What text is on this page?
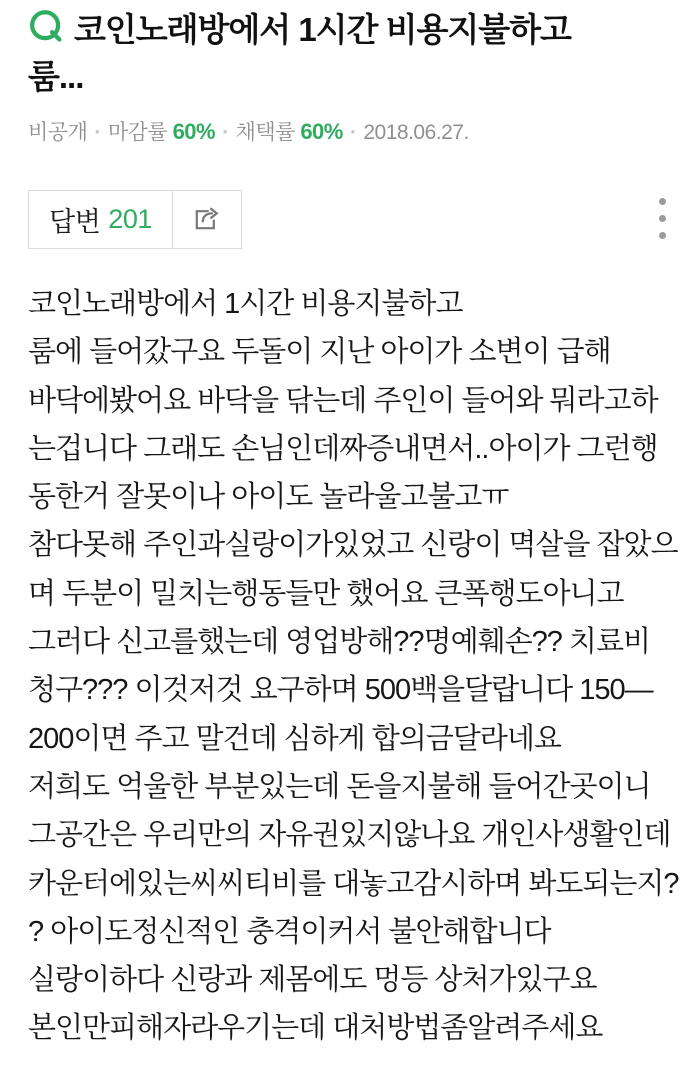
코인노래방에서 1시간 비용지불하고
룸...
비공개 · 마감률 60% · 채택률 60% · 2018.06.27.
답변 201
코인노래방에서 1시간 비용지불하고
룸에 들어갔구요 두돌이 지난 아이가 소변이 급해
바닥에봤어요 바닥을 닦는데 주인이 들어와 뭐라고하
는겁니다 그래도 손님인데짜증내면서..아이가 그런행
동한거 잘못이나 아이도 놀라울고불고ㅠ
참다못해 주인과실랑이가있었고 신랑이 멱살을 잡았으
며 두분이 밀치는행동들만 했어요 큰폭행도아니고
그러다 신고를했는데 영업방해??명예훼손?? 치료비
청구??? 이것저것 요구하며 500백을달랍니다 150—
200이면 주고 말건데 심하게 합의금달라네요
저희도 억울한 부분있는데 돈을지불해 들어간곳이니
그공간은 우리만의 자유권있지않나요 개인사생활인데
카운터에있는씨씨티비를 대놓고감시하며 봐도되는지?
? 아이도정신적인 충격이커서 불안해합니다
실랑이하다 신랑과 제몸에도 멍등 상처가있구요
본인만피해자라우기는데 대처방법좀알려주세요
